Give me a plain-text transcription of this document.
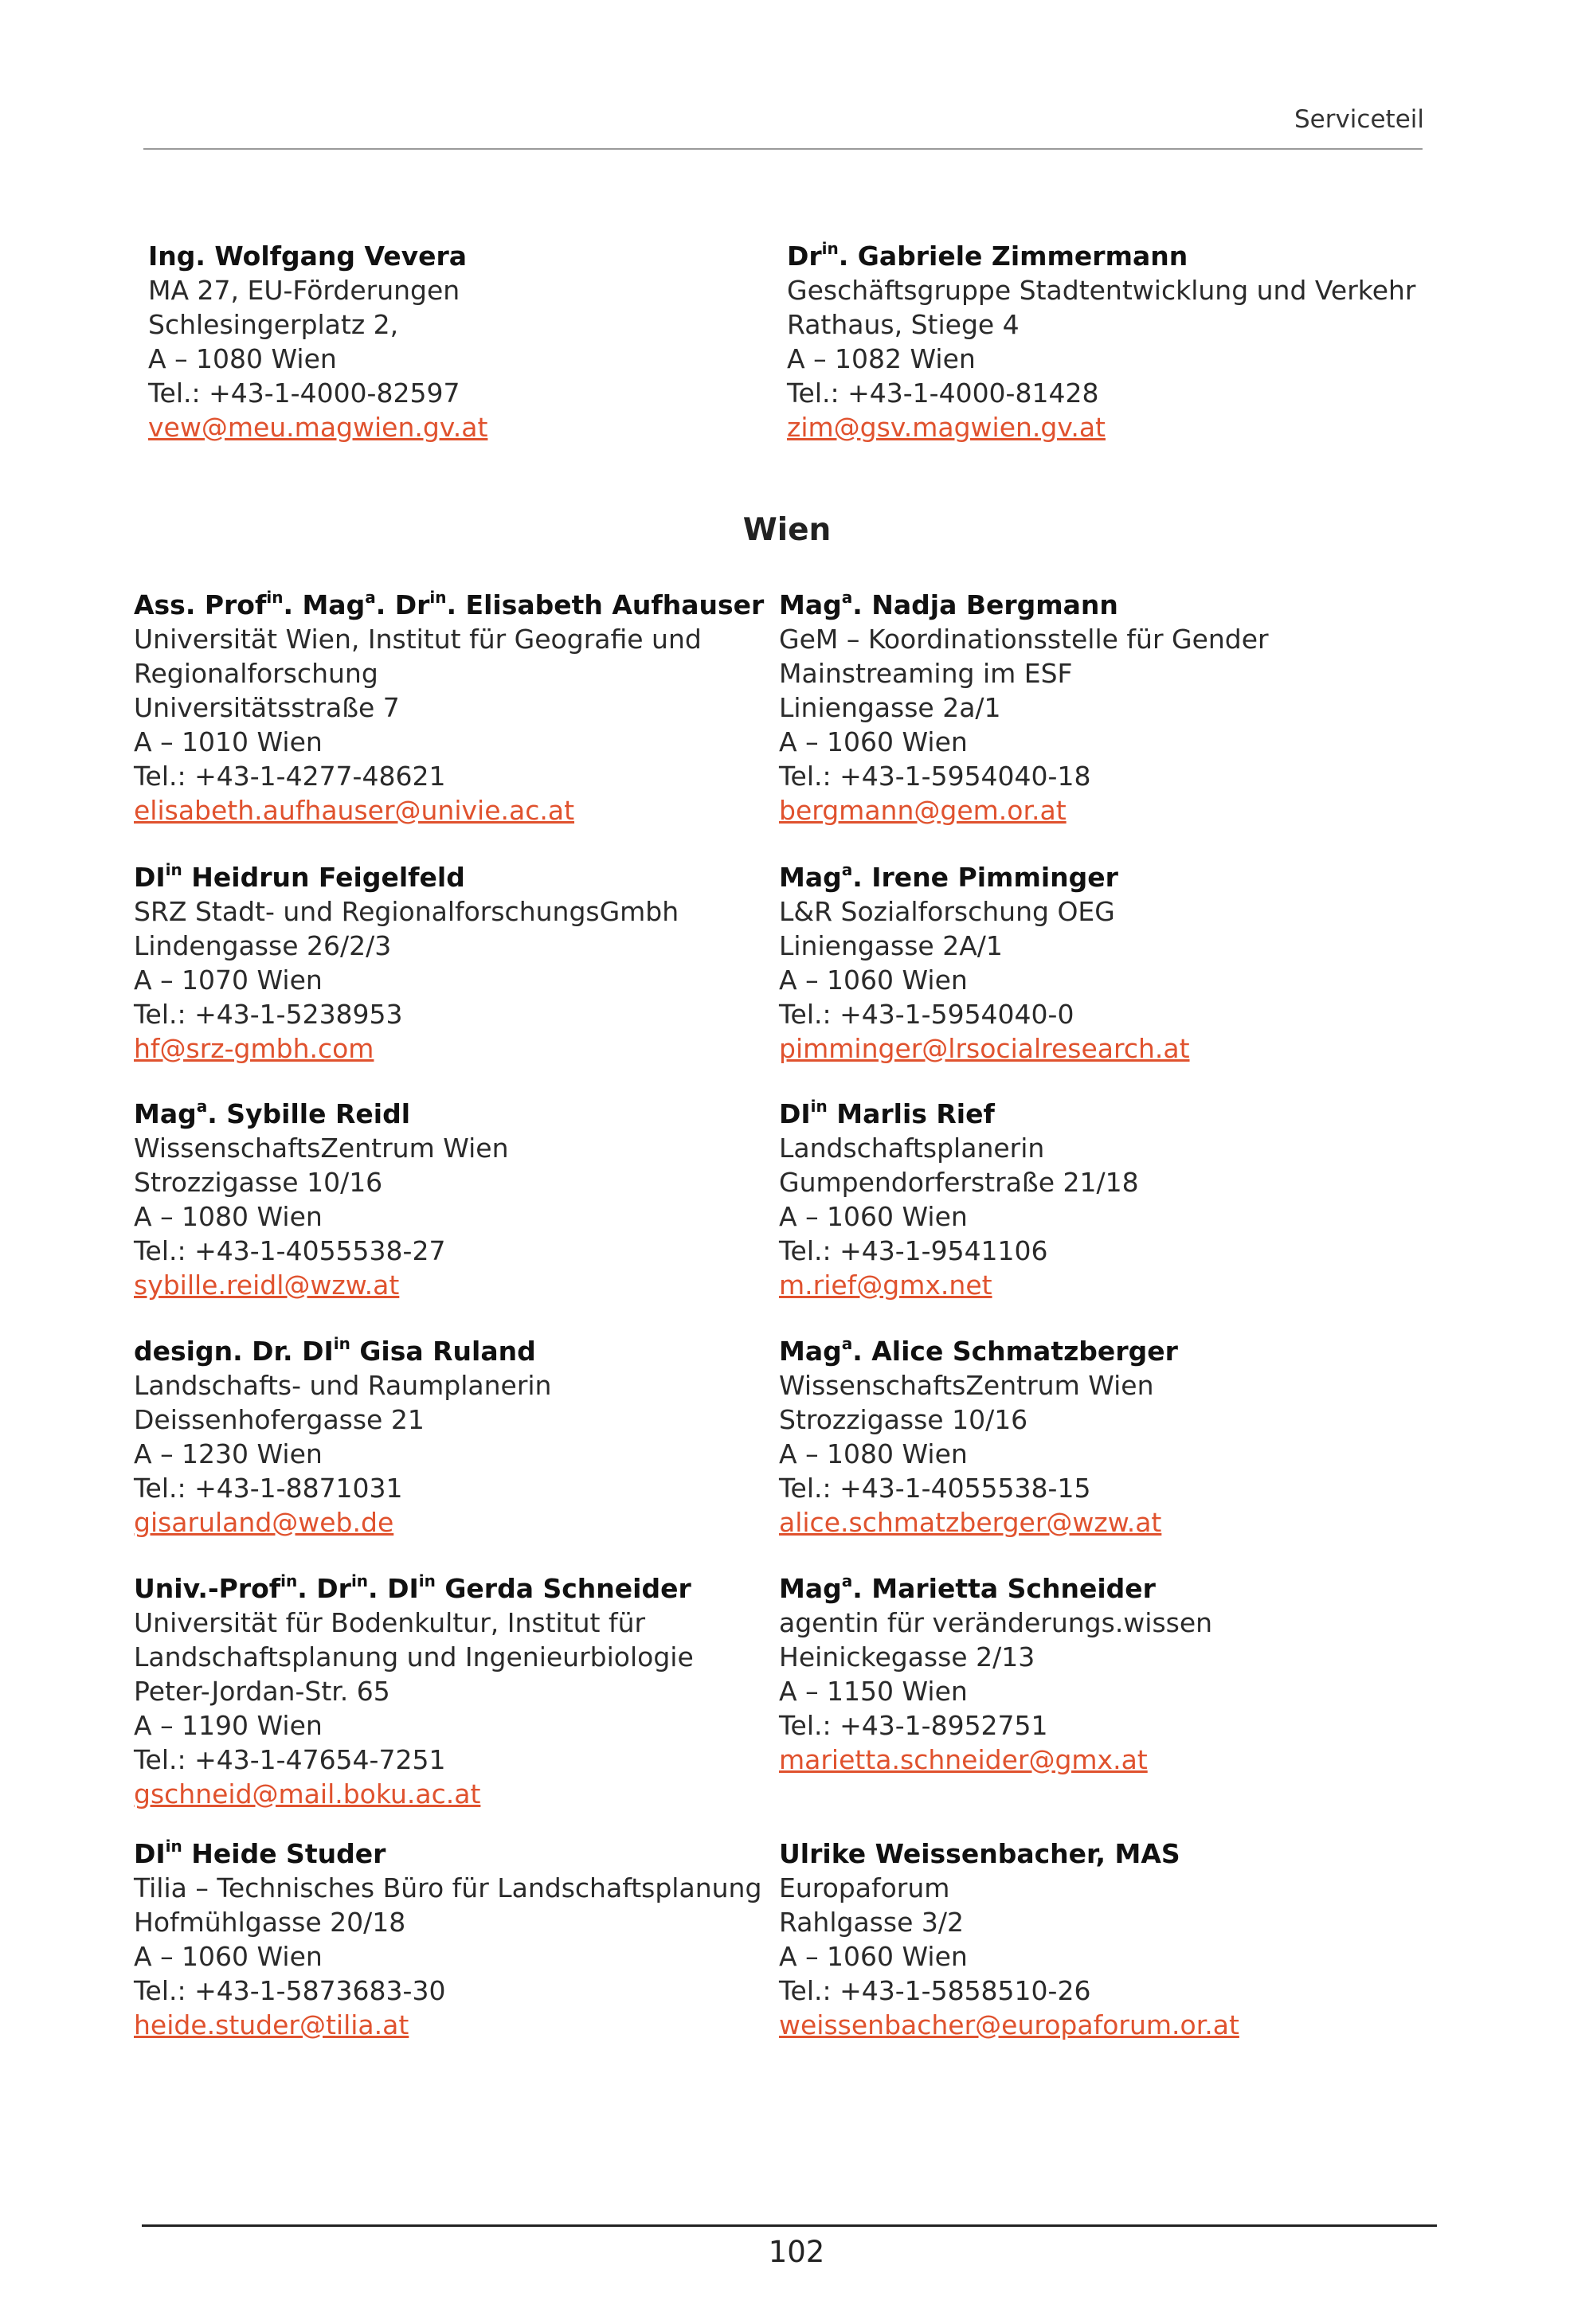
Serviceteil
Wien
Ing. Wolfgang Vevera
MA 27, EU-Förderungen
Schlesingerplatz 2,
A – 1080 Wien
Tel.: +43-1-4000-82597
vew@meu.magwien.gv.at
$Dr^{in}$. Gabriele Zimmermann
Geschäftsgruppe Stadtentwicklung und Verkehr
Rathaus, Stiege 4
A – 1082 Wien
Tel.: +43-1-4000-81428
zim@gsv.magwien.gv.at
Ass. Prof$^{in}$. Mag$^a$. $Dr^{in}$. Elisabeth Aufhauser
Universität Wien, Institut für Geografie und
Regionalforschung
Universitätsstraße 7
A – 1010 Wien
Tel.: +43-1-4277-48621
elisabeth.aufhauser@univie.ac.at
Mag$^a$. Nadja Bergmann
GeM – Koordinationsstelle für Gender
Mainstreaming im ESF
Liniengasse 2a/1
A – 1060 Wien
Tel.: +43-1-5954040-18
bergmann@gem.or.at
$DI^{in}$ Heidrun Feigelfeld
SRZ Stadt- und RegionalforschungsGmbh
Lindengasse 26/2/3
A – 1070 Wien
Tel.: +43-1-5238953
hf@srz-gmbh.com
Mag$^a$. Irene Pimminger
L&R Sozialforschung OEG
Liniengasse 2A/1
A – 1060 Wien
Tel.: +43-1-5954040-0
pimminger@lrsocialresearch.at
Mag$^a$. Sybille Reidl
WissenschaftsZentrum Wien
Strozzigasse 10/16
A – 1080 Wien
Tel.: +43-1-4055538-27
sybille.reidl@wzw.at
$DI^{in}$ Marlis Rief
Landschaftsplanerin
Gumpendorferstraße 21/18
A – 1060 Wien
Tel.: +43-1-9541106
m.rief@gmx.net
design. Dr. $DI^{in}$ Gisa Ruland
Landschafts- und Raumplanerin
Deissenhofergasse 21
A – 1230 Wien
Tel.: +43-1-8871031
gisaruland@web.de
Mag$^a$. Alice Schmatzberger
WissenschaftsZentrum Wien
Strozzigasse 10/16
A – 1080 Wien
Tel.: +43-1-4055538-15
alice.schmatzberger@wzw.at
Univ.-Prof$^{in}$. $Dr^{in}$. $DI^{in}$ Gerda Schneider
Universität für Bodenkultur, Institut für
Landschaftsplanung und Ingenieurbiologie
Peter-Jordan-Str. 65
A – 1190 Wien
Tel.: +43-1-47654-7251
gschneid@mail.boku.ac.at
Mag$^a$. Marietta Schneider
agentin für veränderungs.wissen
Heinickegasse 2/13
A – 1150 Wien
Tel.: +43-1-8952751
marietta.schneider@gmx.at
$DI^{in}$ Heide Studer
Tilia – Technisches Büro für Landschaftsplanung
Hofmühlgasse 20/18
A – 1060 Wien
Tel.: +43-1-5873683-30
heide.studer@tilia.at
Ulrike Weissenbacher, MAS
Europaforum
Rahlgasse 3/2
A – 1060 Wien
Tel.: +43-1-5858510-26
weissenbacher@europaforum.or.at
102
